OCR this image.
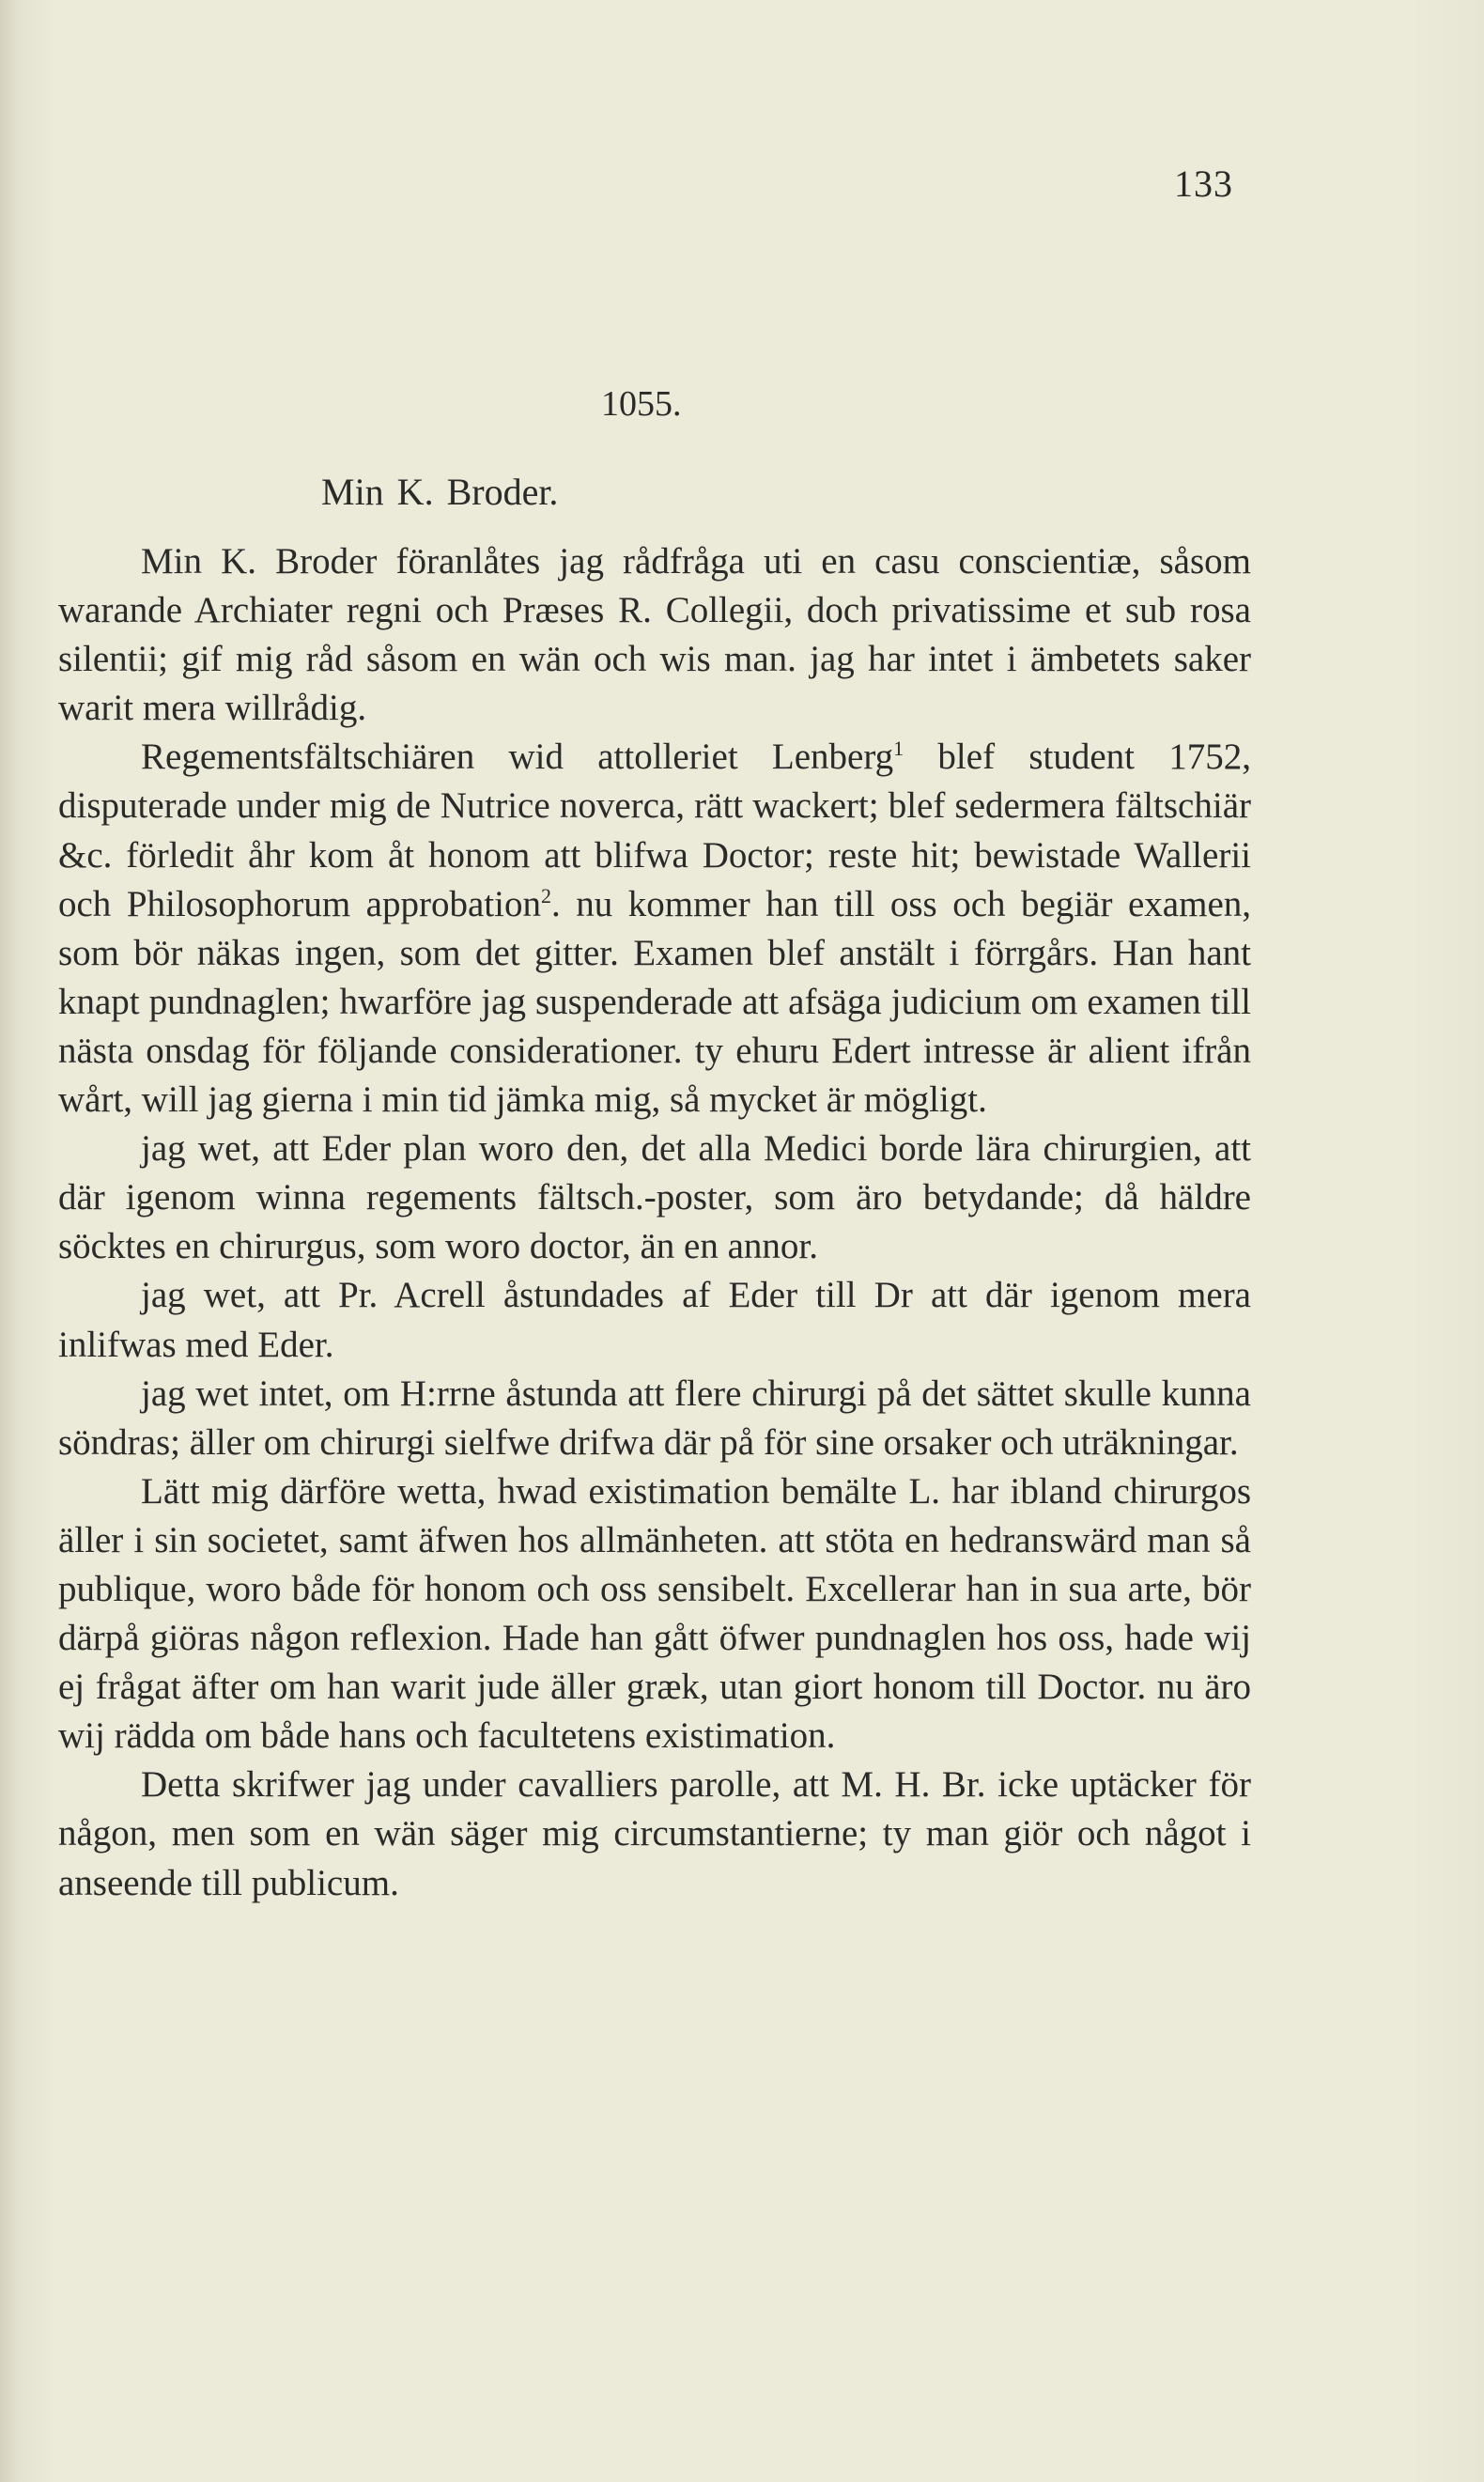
133
1055.
Min K. Broder.

Min K. Broder föranlåtes jag rådfråga uti en casu conscientiæ, såsom warande Archiater regni och Præses R. Collegii, doch privatissime et sub rosa silentii; gif mig råd såsom en wän och wis man. jag har intet i ämbetets saker warit mera willrådig.

Regementsfältschiären wid attolleriet Lenberg$^1$ blef student 1752, disputerade under mig de Nutrice noverca, rätt wackert; blef sedermera fältschiär &c. förledit åhr kom åt honom att blifwa Doctor; reste hit; bewistade Wallerii och Philosophorum approbation$^2$. nu kommer han till oss och begiär examen, som bör näkas ingen, som det gitter. Examen blef anstält i förrgårs. Han hant knapt pundnaglen; hwarföre jag suspenderade att afsäga judicium om examen till nästa onsdag för följande considerationer. ty ehuru Edert intresse är alient ifrån wårt, will jag gierna i min tid jämka mig, så mycket är mögligt.

jag wet, att Eder plan woro den, det alla Medici borde lära chirurgien, att där igenom winna regements fältsch.-poster, som äro betydande; då häldre söcktes en chirurgus, som woro doctor, än en annor.

jag wet, att Pr. Acrell åstundades af Eder till Dr att där igenom mera inlifwas med Eder.

jag wet intet, om H:rrne åstunda att flere chirurgi på det sättet skulle kunna söndras; äller om chirurgi sielfwe drifwa där på för sine orsaker och uträkningar.

Lätt mig därföre wetta, hwad existimation bemälte L. har ibland chirurgos äller i sin societet, samt äfwen hos allmänheten. att stöta en hedranswärd man så publique, woro både för honom och oss sensibelt. Excellerar han in sua arte, bör därpå giöras någon reflexion. Hade han gått öfwer pundnaglen hos oss, hade wij ej frågat äfter om han warit jude äller græk, utan giort honom till Doctor. nu äro wij rädda om både hans och facultetens existimation.

Detta skrifwer jag under cavalliers parolle, att M. H. Br. icke uptäcker för någon, men som en wän säger mig circumstantierne; ty man giör och något i anseende till publicum.
